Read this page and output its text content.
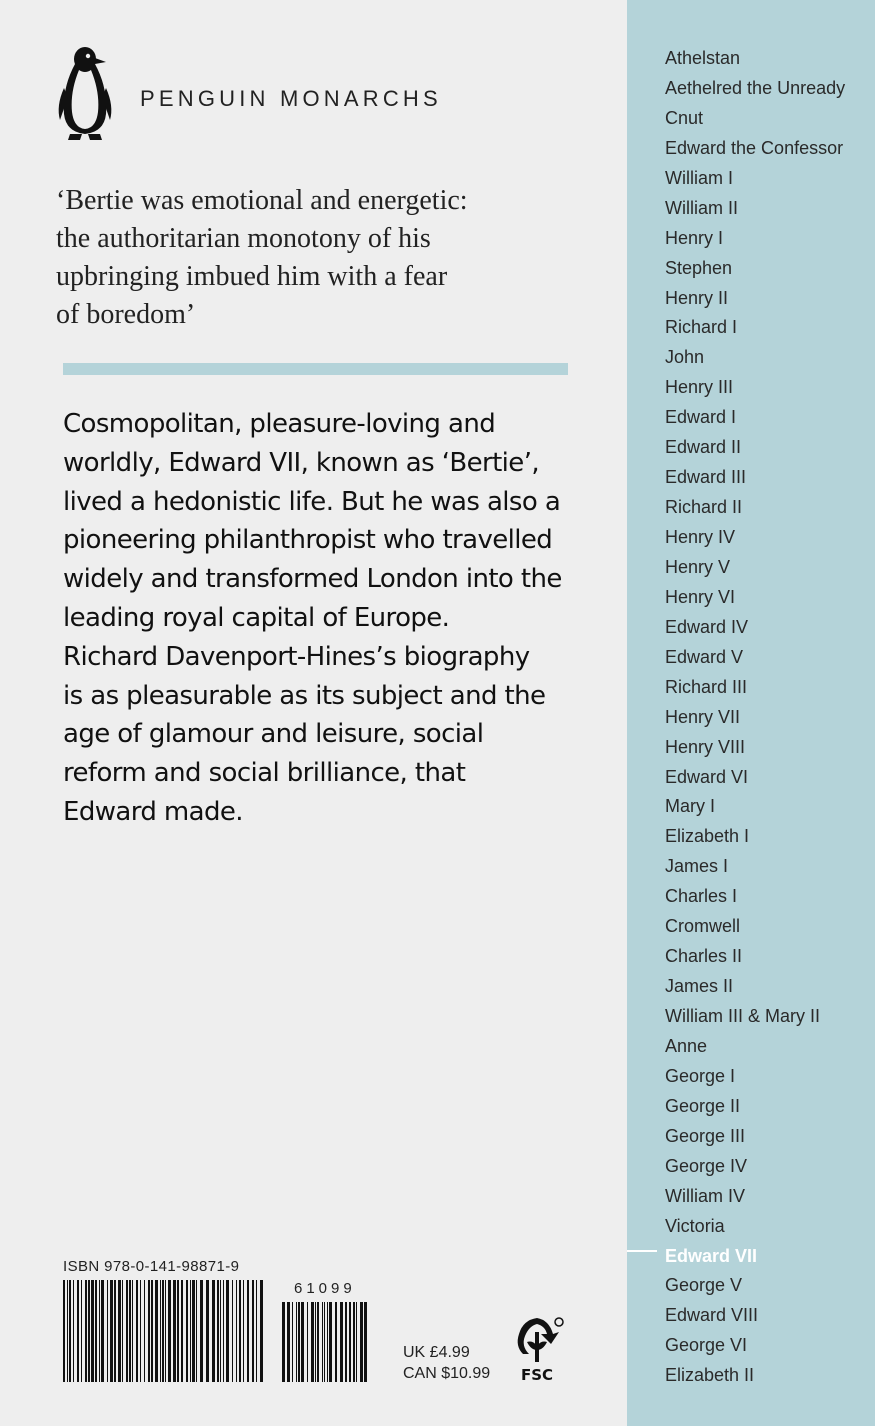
PENGUIN MONARCHS
‘Bertie was emotional and energetic:
the authoritarian monotony of his
upbringing imbued him with a fear
of boredom’
Cosmopolitan, pleasure-loving and
worldly, Edward VII, known as ‘Bertie’,
lived a hedonistic life. But he was also a
pioneering philanthropist who travelled
widely and transformed London into the
leading royal capital of Europe.
Richard Davenport-Hines’s biography
is as pleasurable as its subject and the
age of glamour and leisure, social
reform and social brilliance, that
Edward made.
ISBN 978-0-141-98871-9
61099
UK £4.99
CAN $10.99 FSC
Athelstan
Aethelred the Unready
Cnut
Edward the Confessor
William I
William II
Henry I
Stephen
Henry II
Richard I
John
Henry III
Edward I
Edward II
Edward III
Richard II
Henry IV
Henry V
Henry VI
Edward IV
Edward V
Richard III
Henry VII
Henry VIII
Edward VI
Mary I
Elizabeth I
James I
Charles I
Cromwell
Charles II
James II
William III & Mary II
Anne
George I
George II
George III
George IV
William IV
Victoria
Edward VII
George V
Edward VIII
George VI
Elizabeth II
